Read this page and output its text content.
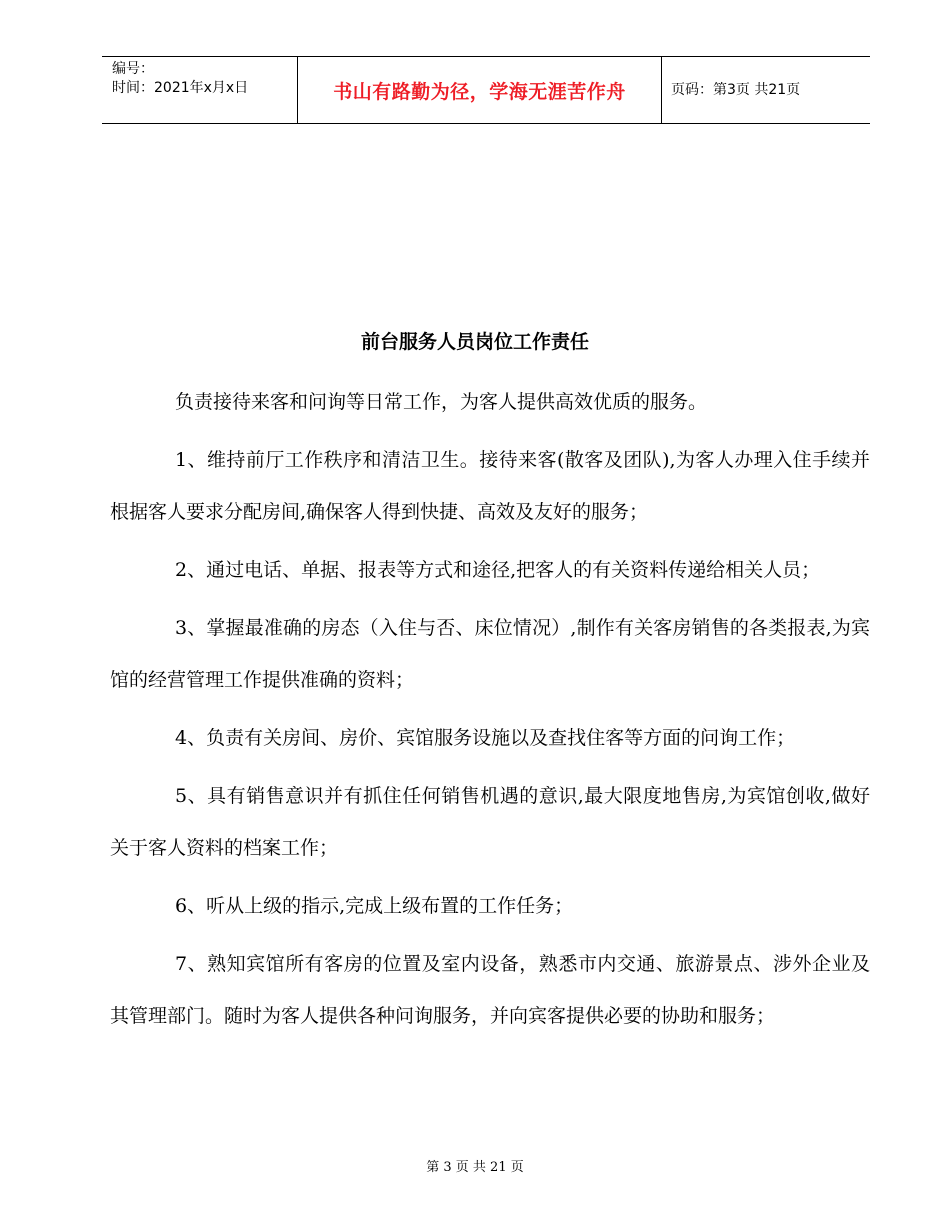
编号：
时间：2021年x月x日	书山有路勤为径，学海无涯苦作舟	页码：第3页 共21页
前台服务人员岗位工作责任

负责接待来客和问询等日常工作，为客人提供高效优质的服务。

1、维持前厅工作秩序和清洁卫生。接待来客(散客及团队),为客人办理入住手续并根据客人要求分配房间,确保客人得到快捷、高效及友好的服务；

2、通过电话、单据、报表等方式和途径,把客人的有关资料传递给相关人员；

3、掌握最准确的房态（入住与否、床位情况）,制作有关客房销售的各类报表,为宾馆的经营管理工作提供准确的资料；

4、负责有关房间、房价、宾馆服务设施以及查找住客等方面的问询工作；

5、具有销售意识并有抓住任何销售机遇的意识,最大限度地售房,为宾馆创收,做好关于客人资料的档案工作；

6、听从上级的指示,完成上级布置的工作任务；

7、熟知宾馆所有客房的位置及室内设备，熟悉市内交通、旅游景点、涉外企业及其管理部门。随时为客人提供各种问询服务，并向宾客提供必要的协助和服务；

第 3 页 共 21 页
